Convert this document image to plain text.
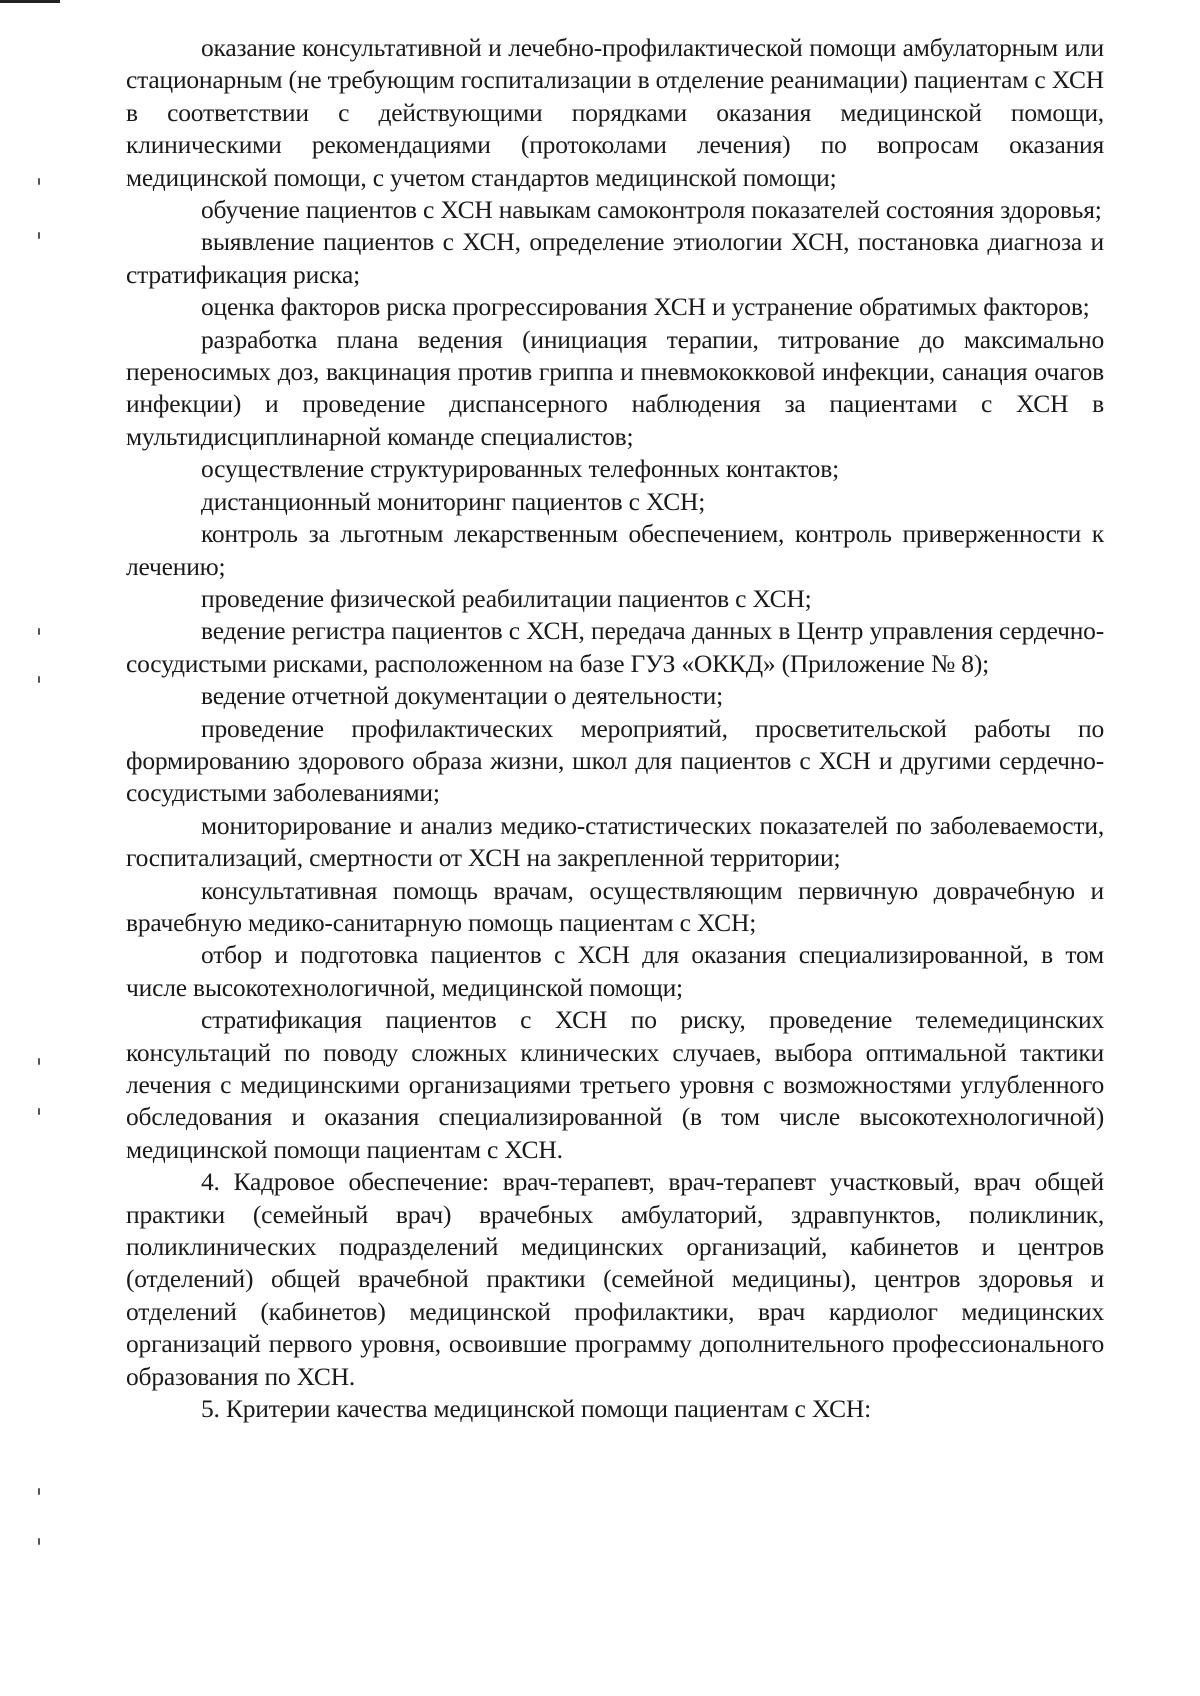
оказание консультативной и лечебно-профилактической помощи амбулаторным или стационарным (не требующим госпитализации в отделение реанимации) пациентам с ХСН в соответствии с действующими порядками оказания медицинской помощи, клиническими рекомендациями (протоколами лечения) по вопросам оказания медицинской помощи, с учетом стандартов медицинской помощи;

обучение пациентов с ХСН навыкам самоконтроля показателей состояния здоровья;

выявление пациентов с ХСН, определение этиологии ХСН, постановка диагноза и стратификация риска;

оценка факторов риска прогрессирования ХСН и устранение обратимых факторов;

разработка плана ведения (инициация терапии, титрование до максимально переносимых доз, вакцинация против гриппа и пневмококковой инфекции, санация очагов инфекции) и проведение диспансерного наблюдения за пациентами с ХСН в мультидисциплинарной команде специалистов;

осуществление структурированных телефонных контактов;

дистанционный мониторинг пациентов с ХСН;

контроль за льготным лекарственным обеспечением, контроль приверженности к лечению;

проведение физической реабилитации пациентов с ХСН;

ведение регистра пациентов с ХСН, передача данных в Центр управления сердечно-сосудистыми рисками, расположенном на базе ГУЗ «ОККД» (Приложение № 8);

ведение отчетной документации о деятельности;

проведение профилактических мероприятий, просветительской работы по формированию здорового образа жизни, школ для пациентов с ХСН и другими сердечно-сосудистыми заболеваниями;

мониторирование и анализ медико-статистических показателей по заболеваемости, госпитализаций, смертности от ХСН на закрепленной территории;

консультативная помощь врачам, осуществляющим первичную доврачебную и врачебную медико-санитарную помощь пациентам с ХСН;

отбор и подготовка пациентов с ХСН для оказания специализированной, в том числе высокотехнологичной, медицинской помощи;

стратификация пациентов с ХСН по риску, проведение телемедицинских консультаций по поводу сложных клинических случаев, выбора оптимальной тактики лечения с медицинскими организациями третьего уровня с возможностями углубленного обследования и оказания специализированной (в том числе высокотехнологичной) медицинской помощи пациентам с ХСН.

4. Кадровое обеспечение: врач-терапевт, врач-терапевт участковый, врач общей практики (семейный врач) врачебных амбулаторий, здравпунктов, поликлиник, поликлинических подразделений медицинских организаций, кабинетов и центров (отделений) общей врачебной практики (семейной медицины), центров здоровья и отделений (кабинетов) медицинской профилактики, врач кардиолог медицинских организаций первого уровня, освоившие программу дополнительного профессионального образования по ХСН.

5. Критерии качества медицинской помощи пациентам с ХСН:
